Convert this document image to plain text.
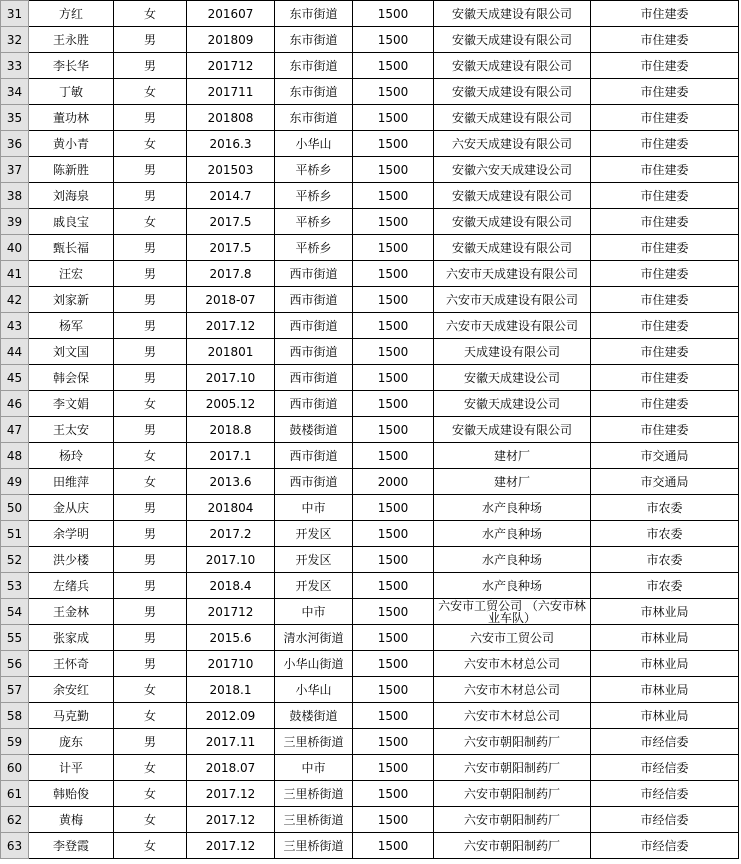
31	方红	女	201607	东市街道	1500	安徽天成建设有限公司	市住建委
32	王永胜	男	201809	东市街道	1500	安徽天成建设有限公司	市住建委
33	李长华	男	201712	东市街道	1500	安徽天成建设有限公司	市住建委
34	丁敏	女	201711	东市街道	1500	安徽天成建设有限公司	市住建委
35	董功林	男	201808	东市街道	1500	安徽天成建设有限公司	市住建委
36	黄小青	女	2016.3	小华山	1500	六安天成建设有限公司	市住建委
37	陈新胜	男	201503	平桥乡	1500	安徽六安天成建设公司	市住建委
38	刘海泉	男	2014.7	平桥乡	1500	安徽天成建设有限公司	市住建委
39	戚良宝	女	2017.5	平桥乡	1500	安徽天成建设有限公司	市住建委
40	甄长福	男	2017.5	平桥乡	1500	安徽天成建设有限公司	市住建委
41	汪宏	男	2017.8	西市街道	1500	六安市天成建设有限公司	市住建委
42	刘家新	男	2018-07	西市街道	1500	六安市天成建设有限公司	市住建委
43	杨军	男	2017.12	西市街道	1500	六安市天成建设有限公司	市住建委
44	刘文国	男	201801	西市街道	1500	天成建设有限公司	市住建委
45	韩会保	男	2017.10	西市街道	1500	安徽天成建设公司	市住建委
46	李文娟	女	2005.12	西市街道	1500	安徽天成建设公司	市住建委
47	王太安	男	2018.8	鼓楼街道	1500	安徽天成建设有限公司	市住建委
48	杨玲	女	2017.1	西市街道	1500	建材厂	市交通局
49	田维萍	女	2013.6	西市街道	2000	建材厂	市交通局
50	金从庆	男	201804	中市	1500	水产良种场	市农委
51	余学明	男	2017.2	开发区	1500	水产良种场	市农委
52	洪少楼	男	2017.10	开发区	1500	水产良种场	市农委
53	左绪兵	男	2018.4	开发区	1500	水产良种场	市农委
54	王金林	男	201712	中市	1500	六安市工贸公司 （六安市林业车队）	市林业局
55	张家成	男	2015.6	清水河街道	1500	六安市工贸公司	市林业局
56	王怀奇	男	201710	小华山街道	1500	六安市木材总公司	市林业局
57	余安红	女	2018.1	小华山	1500	六安市木材总公司	市林业局
58	马克勤	女	2012.09	鼓楼街道	1500	六安市木材总公司	市林业局
59	庞东	男	2017.11	三里桥街道	1500	六安市朝阳制药厂	市经信委
60	计平	女	2018.07	中市	1500	六安市朝阳制药厂	市经信委
61	韩贻俊	女	2017.12	三里桥街道	1500	六安市朝阳制药厂	市经信委
62	黄梅	女	2017.12	三里桥街道	1500	六安市朝阳制药厂	市经信委
63	李登霞	女	2017.12	三里桥街道	1500	六安市朝阳制药厂	市经信委
